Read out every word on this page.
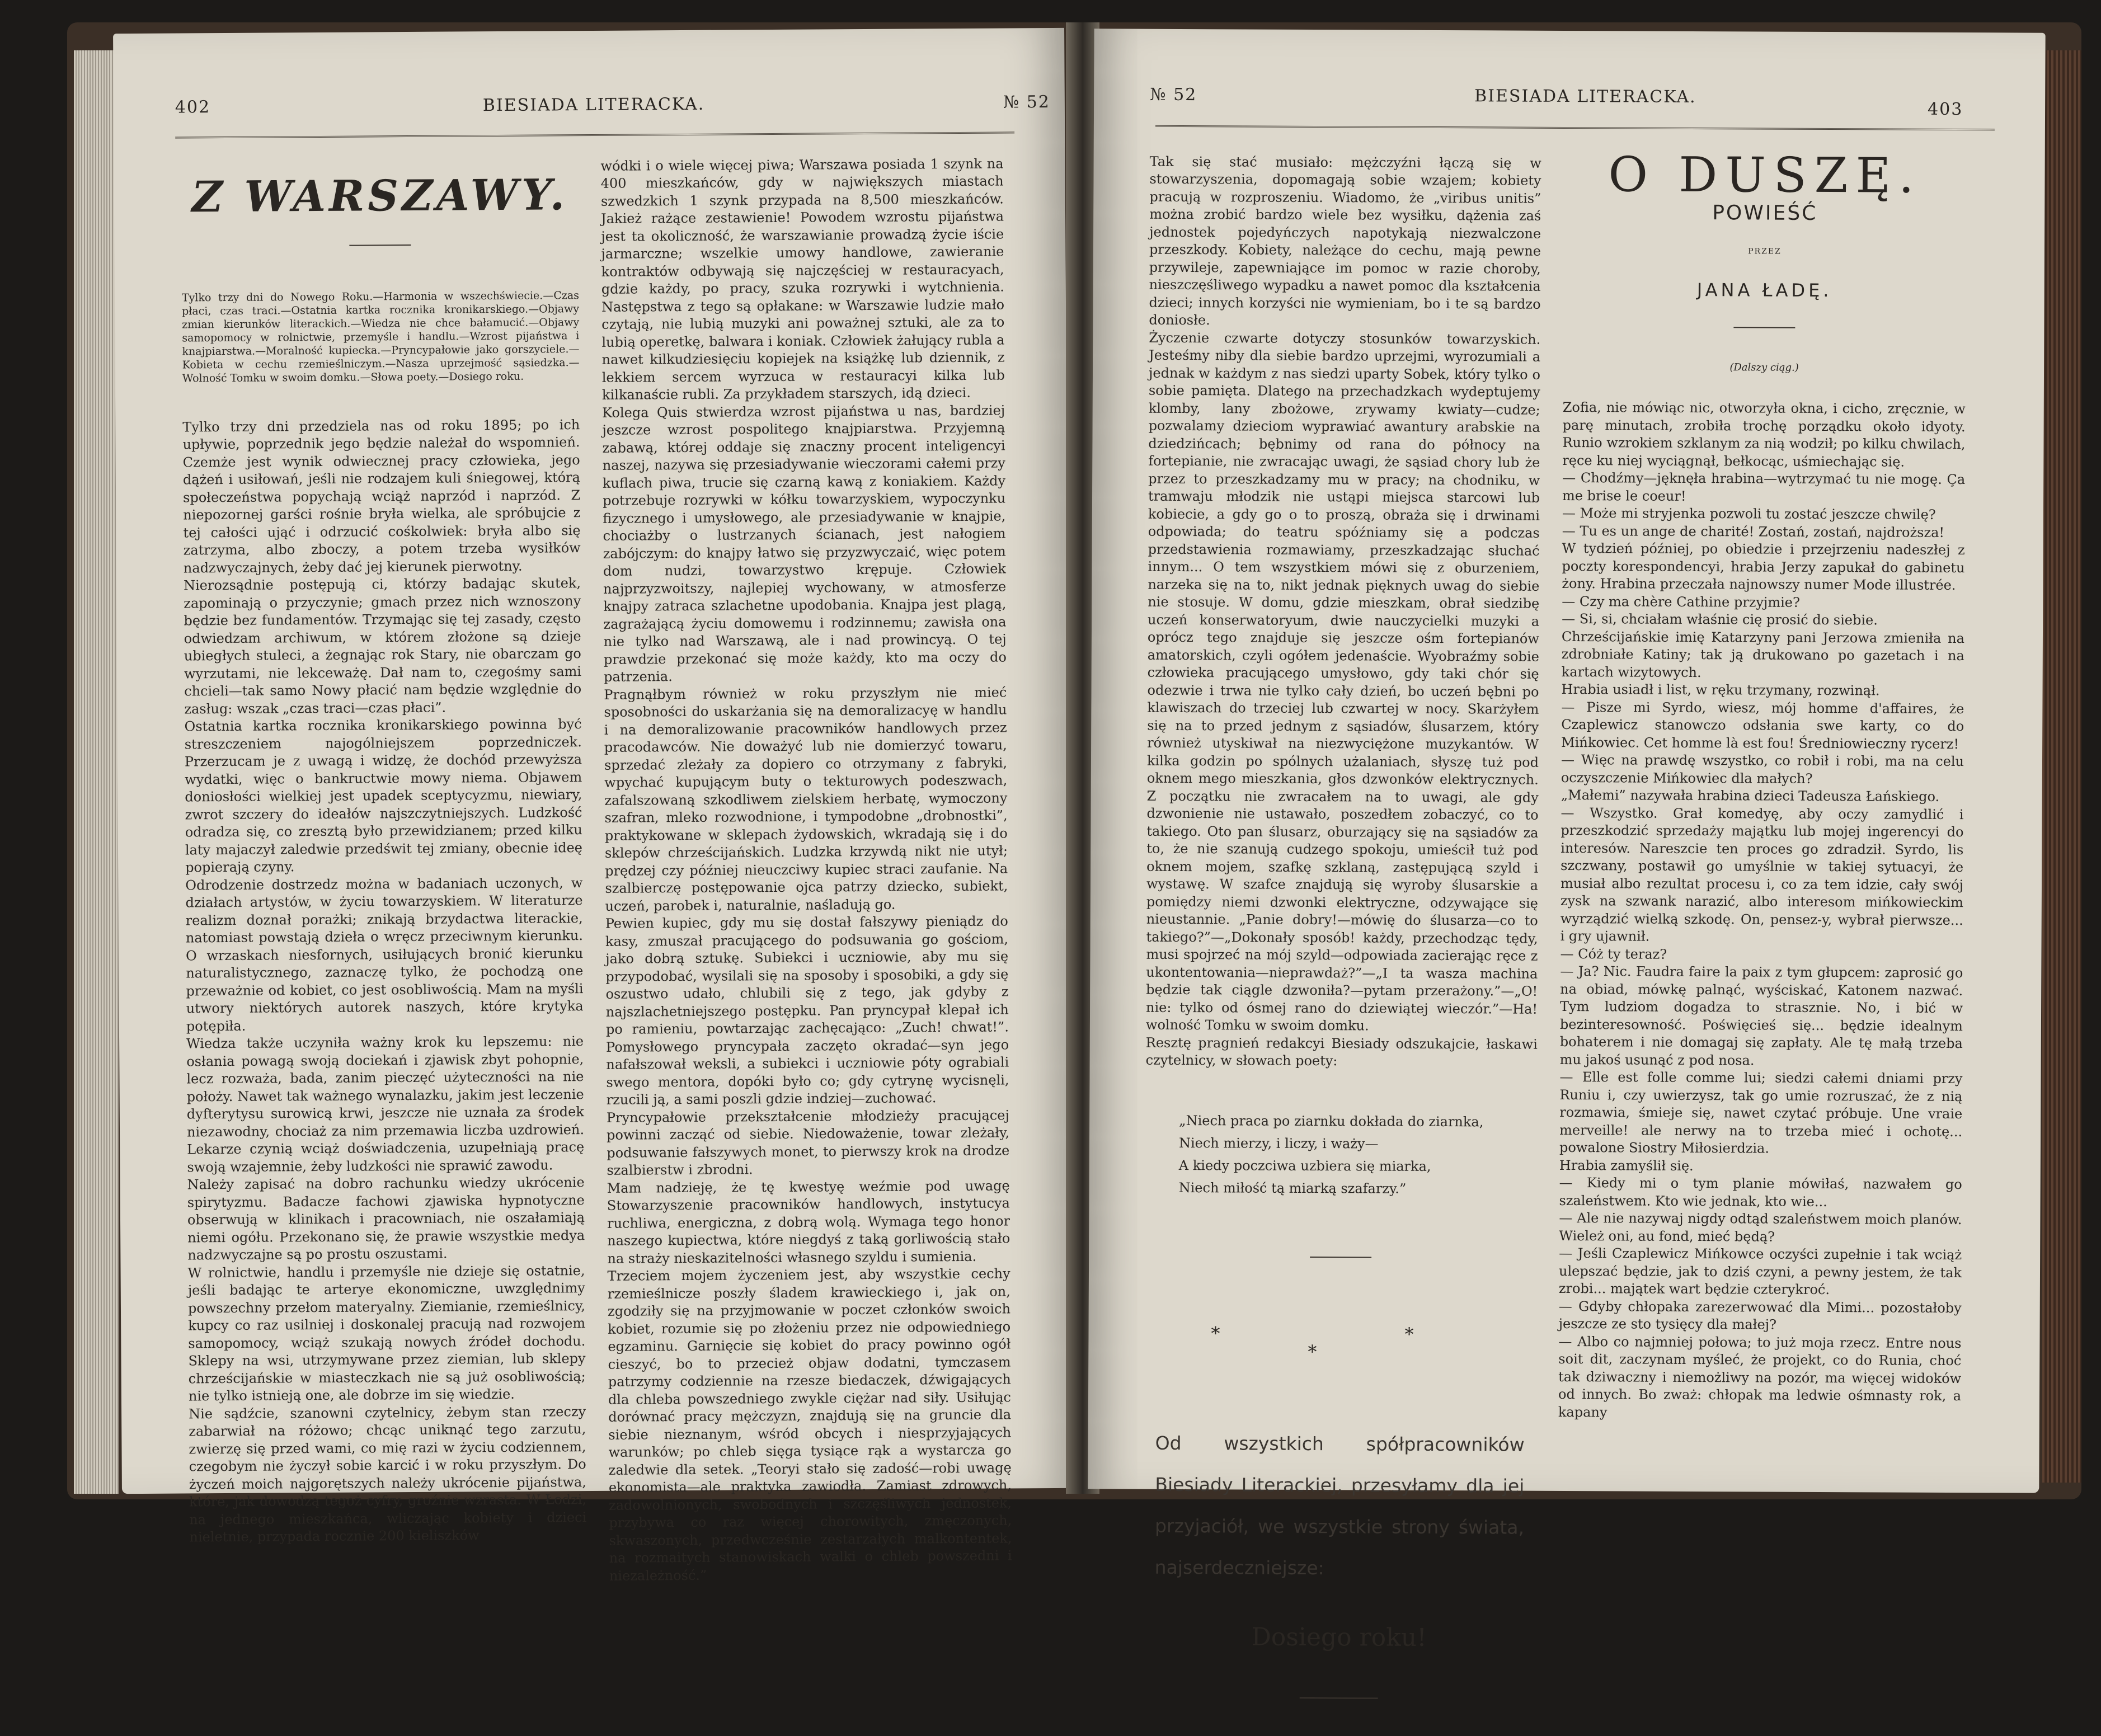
402	BIESIADA LITERACKA.	№ 52

Z WARSZAWY.

Tylko trzy dni do Nowego Roku.—Harmonia w wszechświecie.—Czas płaci, czas traci.—Ostatnia kartka rocznika kronikarskiego.—Objawy zmian kierunków literackich.—Wiedza nie chce bałamucić.—Objawy samopomocy w rolnictwie, przemyśle i handlu.—Wzrost pijaństwa i knajpiarstwa.—Moralność kupiecka.—Pryncypałowie jako gorszyciele.—Kobieta w cechu rzemieślniczym.—Nasza uprzejmość sąsiedzka.—Wolność Tomku w swoim domku.—Słowa poety.—Dosiego roku.

Tylko trzy dni przedziela nas od roku 1895; po ich upływie, poprzednik jego będzie należał do wspomnień. Czemże jest wynik odwiecznej pracy człowieka, jego dążeń i usiłowań, jeśli nie rodzajem kuli śniegowej, którą społeczeństwa popychają wciąż naprzód i naprzód. Z niepozornej garści rośnie bryła wielka, ale spróbujcie z tej całości ująć i odrzucić cośkolwiek: bryła albo się zatrzyma, albo zboczy, a potem trzeba wysiłków nadzwyczajnych, żeby dać jej kierunek pierwotny.
Nierozsądnie postępują ci, którzy badając skutek, zapominają o przyczynie; gmach przez nich wznoszony będzie bez fundamentów. Trzymając się tej zasady, często odwiedzam archiwum, w którem złożone są dzieje ubiegłych stuleci, a żegnając rok Stary, nie obarczam go wyrzutami, nie lekceważę. Dał nam to, czegośmy sami chcieli—tak samo Nowy płacić nam będzie względnie do zasług: wszak „czas traci—czas płaci”.
Ostatnia kartka rocznika kronikarskiego powinna być streszczeniem najogólniejszem poprzedniczek. Przerzucam je z uwagą i widzę, że dochód przewyższa wydatki, więc o bankructwie mowy niema. Objawem doniosłości wielkiej jest upadek sceptycyzmu, niewiary, zwrot szczery do ideałów najszczytniejszych. Ludzkość odradza się, co zresztą było przewidzianem; przed kilku laty majaczył zaledwie przedświt tej zmiany, obecnie ideę popierają czyny.
Odrodzenie dostrzedz można w badaniach uczonych, w działach artystów, w życiu towarzyskiem. W literaturze realizm doznał porażki; znikają brzydactwa literackie, natomiast powstają dzieła o wręcz przeciwnym kierunku. O wrzaskach niesfornych, usiłujących bronić kierunku naturalistycznego, zaznaczę tylko, że pochodzą one przeważnie od kobiet, co jest osobliwością. Mam na myśli utwory niektórych autorek naszych, które krytyka potępiła.
Wiedza także uczyniła ważny krok ku lepszemu: nie osłania powagą swoją dociekań i zjawisk zbyt pohopnie, lecz rozważa, bada, zanim pieczęć użyteczności na nie położy. Nawet tak ważnego wynalazku, jakim jest leczenie dyfterytysu surowicą krwi, jeszcze nie uznała za środek niezawodny, chociaż za nim przemawia liczba uzdrowień. Lekarze czynią wciąż doświadczenia, uzupełniają pracę swoją wzajemnie, żeby ludzkości nie sprawić zawodu.
Należy zapisać na dobro rachunku wiedzy ukrócenie spirytyzmu. Badacze fachowi zjawiska hypnotyczne obserwują w klinikach i pracowniach, nie oszałamiają niemi ogółu. Przekonano się, że prawie wszystkie medya nadzwyczajne są po prostu oszustami.
W rolnictwie, handlu i przemyśle nie dzieje się ostatnie, jeśli badając te arterye ekonomiczne, uwzględnimy powszechny przełom materyalny. Ziemianie, rzemieślnicy, kupcy co raz usilniej i doskonalej pracują nad rozwojem samopomocy, wciąż szukają nowych źródeł dochodu. Sklepy na wsi, utrzymywane przez ziemian, lub sklepy chrześcijańskie w miasteczkach nie są już osobliwością; nie tylko istnieją one, ale dobrze im się wiedzie.
Nie sądźcie, szanowni czytelnicy, żebym stan rzeczy zabarwiał na różowo; chcąc uniknąć tego zarzutu, zwierzę się przed wami, co mię razi w życiu codziennem, czegobym nie życzył sobie karcić i w roku przyszłym. Do życzeń moich najgorętszych należy ukrócenie pijaństwa, które, jak dowodzą tegoż cyfry, groźnie wzrasta. W Łodzi, na jednego mieszkańca, wliczając kobiety i dzieci nieletnie, przypada rocznie 200 kieliszków

wódki i o wiele więcej piwa; Warszawa posiada 1 szynk na 400 mieszkańców, gdy w największych miastach szwedzkich 1 szynk przypada na 8,500 mieszkańców. Jakież rażące zestawienie! Powodem wzrostu pijaństwa jest ta okoliczność, że warszawianie prowadzą życie iście jarmarczne; wszelkie umowy handlowe, zawieranie kontraktów odbywają się najczęściej w restauracyach, gdzie każdy, po pracy, szuka rozrywki i wytchnienia. Następstwa z tego są opłakane: w Warszawie ludzie mało czytają, nie lubią muzyki ani poważnej sztuki, ale za to lubią operetkę, balwara i koniak. Człowiek żałujący rubla a nawet kilkudziesięciu kopiejek na książkę lub dziennik, z lekkiem sercem wyrzuca w restauracyi kilka lub kilkanaście rubli. Za przykładem starszych, idą dzieci.
Kolega Quis stwierdza wzrost pijaństwa u nas, bardziej jeszcze wzrost pospolitego knajpiarstwa. Przyjemną zabawą, której oddaje się znaczny procent inteligencyi naszej, nazywa się przesiadywanie wieczorami całemi przy kuflach piwa, trucie się czarną kawą z koniakiem. Każdy potrzebuje rozrywki w kółku towarzyskiem, wypoczynku fizycznego i umysłowego, ale przesiadywanie w knajpie, chociażby o lustrzanych ścianach, jest nałogiem zabójczym: do knajpy łatwo się przyzwyczaić, więc potem dom nudzi, towarzystwo krępuje. Człowiek najprzyzwoitszy, najlepiej wychowany, w atmosferze knajpy zatraca szlachetne upodobania. Knajpa jest plagą, zagrażającą życiu domowemu i rodzinnemu; zawisła ona nie tylko nad Warszawą, ale i nad prowincyą. O tej prawdzie przekonać się może każdy, kto ma oczy do patrzenia.
Pragnąłbym również w roku przyszłym nie mieć sposobności do uskarżania się na demoralizacyę w handlu i na demoralizowanie pracowników handlowych przez pracodawców. Nie doważyć lub nie domierzyć towaru, sprzedać zleżały za dopiero co otrzymany z fabryki, wpychać kupującym buty o tekturowych podeszwach, zafalszowaną szkodliwem zielskiem herbatę, wymoczony szafran, mleko rozwodnione, i tympodobne „drobnostki”, praktykowane w sklepach żydowskich, wkradają się i do sklepów chrześcijańskich. Ludzka krzywdą nikt nie utył; prędzej czy później nieuczciwy kupiec straci zaufanie. Na szalbierczę postępowanie ojca patrzy dziecko, subiekt, uczeń, parobek i, naturalnie, naśladują go.
Pewien kupiec, gdy mu się dostał fałszywy pieniądz do kasy, zmuszał pracującego do podsuwania go gościom, jako dobrą sztukę. Subiekci i uczniowie, aby mu się przypodobać, wysilali się na sposoby i sposobiki, a gdy się oszustwo udało, chlubili się z tego, jak gdyby z najszlachetniejszego postępku. Pan pryncypał klepał ich po ramieniu, powtarzając zachęcająco: „Zuch! chwat!”. Pomysłowego pryncypała zaczęto okradać—syn jego nafałszował weksli, a subiekci i uczniowie póty ograbiali swego mentora, dopóki było co; gdy cytrynę wycisnęli, rzucili ją, a sami poszli gdzie indziej—zuchować.
Pryncypałowie przekształcenie młodzieży pracującej powinni zacząć od siebie. Niedoważenie, towar zleżały, podsuwanie fałszywych monet, to pierwszy krok na drodze szalbierstw i zbrodni.
Mam nadzieję, że tę kwestyę weźmie pod uwagę Stowarzyszenie pracowników handlowych, instytucya ruchliwa, energiczna, z dobrą wolą. Wymaga tego honor naszego kupiectwa, które niegdyś z taką gorliwością stało na straży nieskazitelności własnego szyldu i sumienia.
Trzeciem mojem życzeniem jest, aby wszystkie cechy rzemieślnicze poszły śladem krawieckiego i, jak on, zgodziły się na przyjmowanie w poczet członków swoich kobiet, rozumie się po złożeniu przez nie odpowiedniego egzaminu. Garnięcie się kobiet do pracy powinno ogół cieszyć, bo to przecież objaw dodatni, tymczasem patrzymy codziennie na rzesze biedaczek, dźwigających dla chleba powszedniego zwykle ciężar nad siły. Usiłując dorównać pracy mężczyzn, znajdują się na gruncie dla siebie nieznanym, wśród obcych i niesprzyjających warunków; po chleb sięga tysiące rąk a wystarcza go zaledwie dla setek. „Teoryi stało się zadość—robi uwagę ekonomista—ale praktyka zawiodła. Zamiast zdrowych, zadowolnionych, swobodnych i szczęśliwych jednostek, przybywa co raz więcej chorowitych, zmęczonych, skwaszonych, przedwcześnie zestarzałych malkontentek, na rozmaitych stanowiskach walki o chleb powszedni i niezależność.”

№ 52	BIESIADA LITERACKA.
403

Tak się stać musiało: mężczyźni łączą się w stowarzyszenia, dopomagają sobie wzajem; kobiety pracują w rozproszeniu. Wiadomo, że „viribus unitis” można zrobić bardzo wiele bez wysiłku, dążenia zaś jednostek pojedyńczych napotykają niezwalczone przeszkody. Kobiety, należące do cechu, mają pewne przywileje, zapewniające im pomoc w razie choroby, nieszczęśliwego wypadku a nawet pomoc dla kształcenia dzieci; innych korzyści nie wymieniam, bo i te są bardzo doniosłe.
Życzenie czwarte dotyczy stosunków towarzyskich. Jesteśmy niby dla siebie bardzo uprzejmi, wyrozumiali a jednak w każdym z nas siedzi uparty Sobek, który tylko o sobie pamięta. Dlatego na przechadzkach wydeptujemy klomby, lany zbożowe, zrywamy kwiaty—cudze; pozwalamy dzieciom wyprawiać awantury arabskie na dziedzińcach; bębnimy od rana do północy na fortepianie, nie zwracając uwagi, że sąsiad chory lub że przez to przeszkadzamy mu w pracy; na chodniku, w tramwaju młodzik nie ustąpi miejsca starcowi lub kobiecie, a gdy go o to proszą, obraża się i drwinami odpowiada; do teatru spóźniamy się a podczas przedstawienia rozmawiamy, przeszkadzając słuchać innym... O tem wszystkiem mówi się z oburzeniem, narzeka się na to, nikt jednak pięknych uwag do siebie nie stosuje. W domu, gdzie mieszkam, obrał siedzibę uczeń konserwatoryum, dwie nauczycielki muzyki a oprócz tego znajduje się jeszcze ośm fortepianów amatorskich, czyli ogółem jedenaście. Wyobraźmy sobie człowieka pracującego umysłowo, gdy taki chór się odezwie i trwa nie tylko cały dzień, bo uczeń bębni po klawiszach do trzeciej lub czwartej w nocy. Skarżyłem się na to przed jednym z sąsiadów, ślusarzem, który również utyskiwał na niezwyciężone muzykantów. W kilka godzin po spólnych użalaniach, słyszę tuż pod oknem mego mieszkania, głos dzwonków elektrycznych. Z początku nie zwracałem na to uwagi, ale gdy dzwonienie nie ustawało, poszedłem zobaczyć, co to takiego. Oto pan ślusarz, oburzający się na sąsiadów za to, że nie szanują cudzego spokoju, umieścił tuż pod oknem mojem, szafkę szklaną, zastępującą szyld i wystawę. W szafce znajdują się wyroby ślusarskie a pomiędzy niemi dzwonki elektryczne, odzywające się nieustannie. „Panie dobry!—mówię do ślusarza—co to takiego?”—„Dokonały sposób! każdy, przechodząc tędy, musi spojrzeć na mój szyld—odpowiada zacierając ręce z ukontentowania—nieprawdaż?”—„I ta wasza machina będzie tak ciągle dzwoniła?—pytam przerażony.”—„O! nie: tylko od ósmej rano do dziewiątej wieczór.”—Ha! wolność Tomku w swoim domku.
Resztę pragnień redakcyi Biesiady odszukajcie, łaskawi czytelnicy, w słowach poety:

„Niech praca po ziarnku dokłada do ziarnka,
Niech mierzy, i liczy, i waży—
A kiedy poczciwa uzbiera się miarka,
Niech miłość tą miarką szafarzy.”

* * *

Od wszystkich spółpracowników Biesiady Literackiej, przesyłamy dla jej przyjaciół, we wszystkie strony świata, najserdeczniejsze:

Dosiego roku!

O DUSZĘ.

POWIEŚĆ

PRZEZ

JANA ŁADĘ.

(Dalszy ciąg.)

Zofia, nie mówiąc nic, otworzyła okna, i cicho, zręcznie, w parę minutach, zrobiła trochę porządku około idyoty. Runio wzrokiem szklanym za nią wodził; po kilku chwilach, ręce ku niej wyciągnął, bełkocąc, uśmiechając się.
— Chodźmy—jęknęła hrabina—wytrzymać tu nie mogę. Ça me brise le coeur!
— Może mi stryjenka pozwoli tu zostać jeszcze chwilę?
— Tu es un ange de charité! Zostań, zostań, najdroższa!
W tydzień później, po obiedzie i przejrzeniu nadeszłej z poczty korespondencyi, hrabia Jerzy zapukał do gabinetu żony. Hrabina przeczała najnowszy numer Mode illustrée.
— Czy ma chère Cathine przyjmie?
— Si, si, chciałam właśnie cię prosić do siebie.
Chrześcijańskie imię Katarzyny pani Jerzowa zmieniła na zdrobniałe Katiny; tak ją drukowano po gazetach i na kartach wizytowych.
Hrabia usiadł i list, w ręku trzymany, rozwinął.
— Pisze mi Syrdo, wiesz, mój homme d'affaires, że Czaplewicz stanowczo odsłania swe karty, co do Mińkowiec. Cet homme là est fou! Średniowieczny rycerz!
— Więc na prawdę wszystko, co robił i robi, ma na celu oczyszczenie Mińkowiec dla małych?
„Małemi” nazywała hrabina dzieci Tadeusza Łańskiego.
— Wszystko. Grał komedyę, aby oczy zamydlić i przeszkodzić sprzedaży majątku lub mojej ingerencyi do interesów. Nareszcie ten proces go zdradził. Syrdo, lis szczwany, postawił go umyślnie w takiej sytuacyi, że musiał albo rezultat procesu i, co za tem idzie, cały swój zysk na szwank narazić, albo interesom mińkowieckim wyrządzić wielką szkodę. On, pensez-y, wybrał pierwsze... i gry ujawnił.
— Cóż ty teraz?
— Ja? Nic. Faudra faire la paix z tym głupcem: zaprosić go na obiad, mówkę palnąć, wyściskać, Katonem nazwać. Tym ludziom dogadza to strasznie. No, i bić w bezinteresowność. Poświęcieś się... będzie idealnym bohaterem i nie domagaj się zapłaty. Ale tę małą trzeba mu jakoś usunąć z pod nosa.
— Elle est folle comme lui; siedzi całemi dniami przy Runiu i, czy uwierzysz, tak go umie rozruszać, że z nią rozmawia, śmieje się, nawet czytać próbuje. Une vraie merveille! ale nerwy na to trzeba mieć i ochotę... powalone Siostry Miłosierdzia.
Hrabia zamyślił się.
— Kiedy mi o tym planie mówiłaś, nazwałem go szaleństwem. Kto wie jednak, kto wie...
— Ale nie nazywaj nigdy odtąd szaleństwem moich planów. Wieleż oni, au fond, mieć będą?
— Jeśli Czaplewicz Mińkowce oczyści zupełnie i tak wciąż ulepszać będzie, jak to dziś czyni, a pewny jestem, że tak zrobi... majątek wart będzie czterykroć.
— Gdyby chłopaka zarezerwować dla Mimi... pozostałoby jeszcze ze sto tysięcy dla małej?
— Albo co najmniej połowa; to już moja rzecz. Entre nous soit dit, zaczynam myśleć, że projekt, co do Runia, choć tak dziwaczny i niemożliwy na pozór, ma więcej widoków od innych. Bo zważ: chłopak ma ledwie ośmnasty rok, a kapany
